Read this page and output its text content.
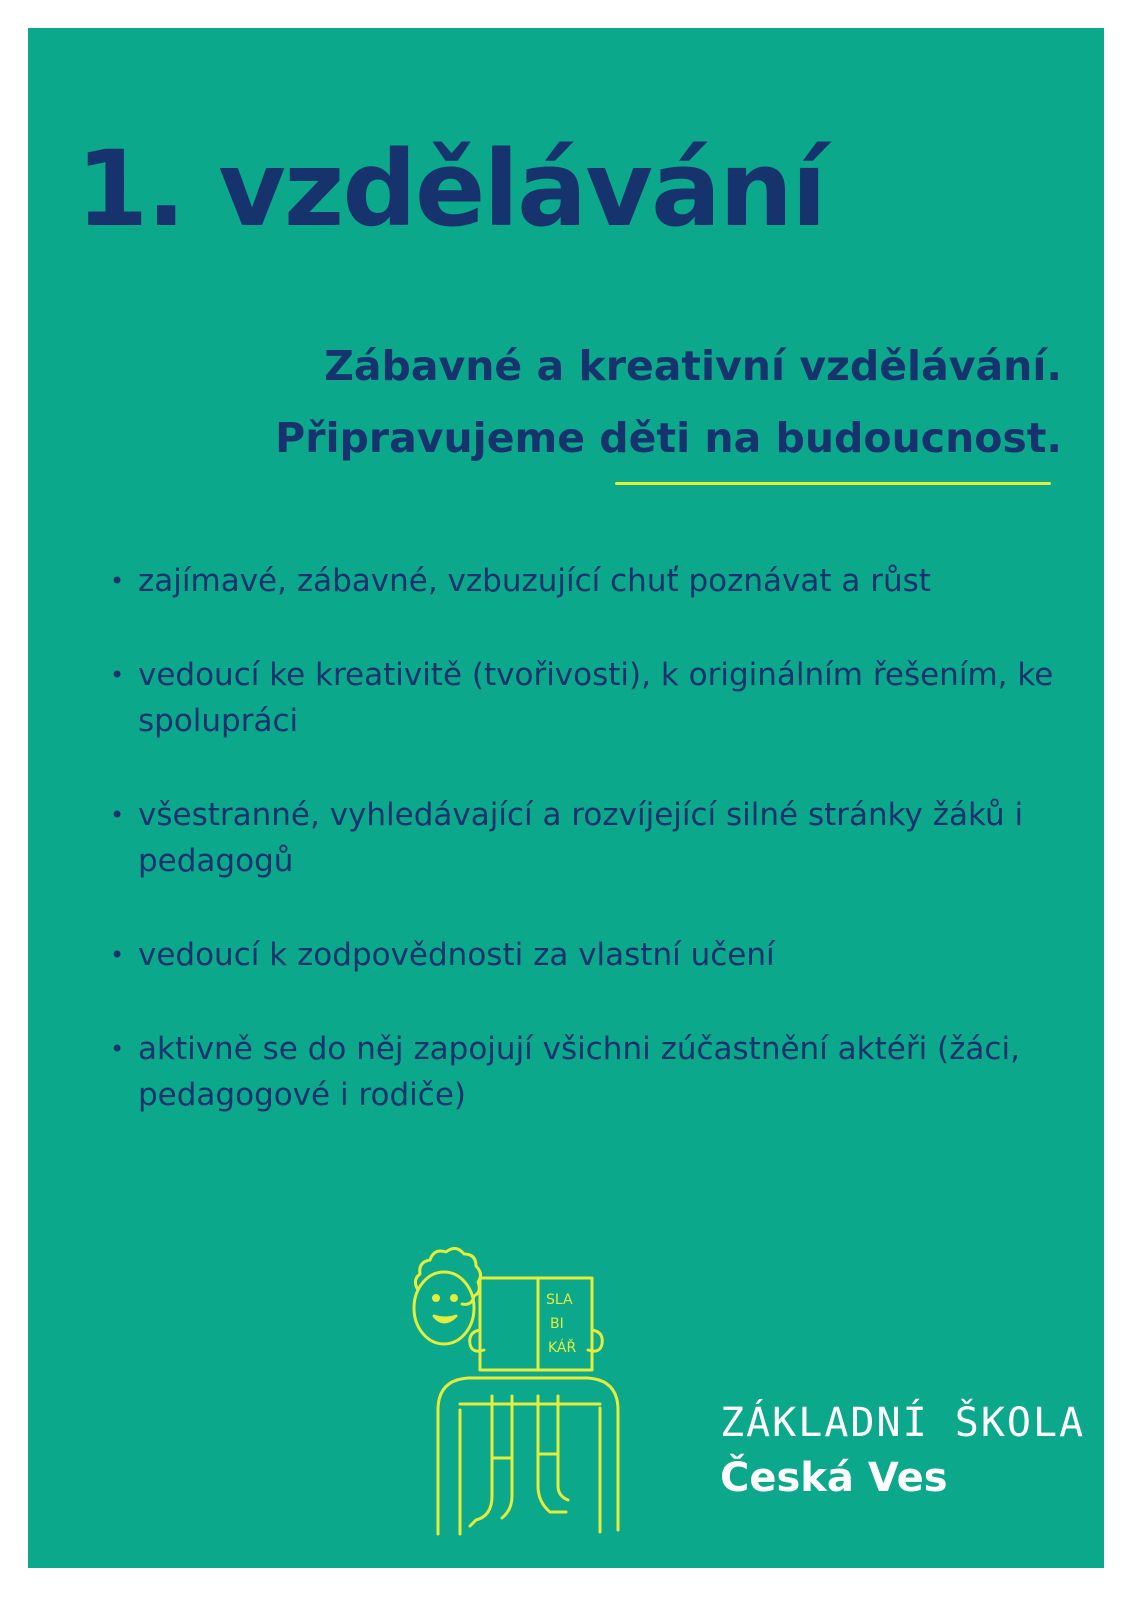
1. vzdělávání
Zábavné a kreativní vzdělávání.
Připravujeme děti na budoucnost.
• zajímavé, zábavné, vzbuzující chuť poznávat a růst
• vedoucí ke kreativitě (tvořivosti), k originálním řešením, ke spolupráci
• všestranné, vyhledávající a rozvíjející silné stránky žáků i pedagogů
• vedoucí k zodpovědnosti za vlastní učení
• aktivně se do něj zapojují všichni zúčastnění aktéři (žáci, pedagogové i rodiče)
SLA
BI
KÁŘ
ZÁKLADNÍ ŠKOLA
Česká Ves
